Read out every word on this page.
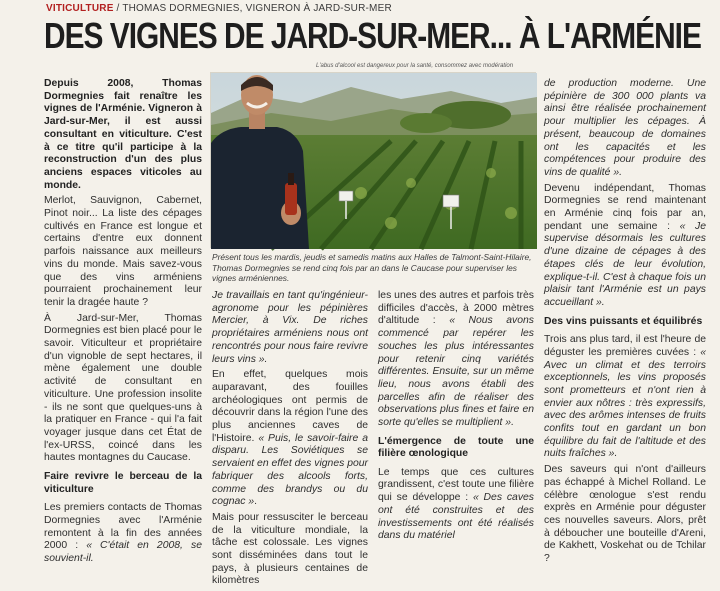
VITICULTURE / THOMAS DORMEGNIES, VIGNERON À JARD-SUR-MER
DES VIGNES DE JARD-SUR-MER... À L'ARMÉNIE
L'abus d'alcool est dangereux pour la santé, consommez avec modération

Depuis 2008, Thomas Dormegnies fait renaître les vignes de l'Arménie. Vigneron à Jard-sur-Mer, il est aussi consultant en viticulture. C'est à ce titre qu'il participe à la reconstruction d'un des plus anciens espaces viticoles au monde.

Merlot, Sauvignon, Cabernet, Pinot noir... La liste des cépages cultivés en France est longue et certains d'entre eux donnent parfois naissance aux meilleurs vins du monde. Mais savez-vous que des vins arméniens pourraient prochainement leur tenir la dragée haute ?

À Jard-sur-Mer, Thomas Dormegnies est bien placé pour le savoir. Viticulteur et propriétaire d'un vignoble de sept hectares, il mène également une double activité de consultant en viticulture. Une profession insolite - ils ne sont que quelques-uns à la pratiquer en France - qui l'a fait voyager jusque dans cet État de l'ex-URSS, coincé dans les hautes montagnes du Caucase.

Faire revivre le berceau de la viticulture

Les premiers contacts de Thomas Dormegnies avec l'Arménie remontent à la fin des années 2000 : « C'était en 2008, se souvient-il.

Présent tous les mardis, jeudis et samedis matins aux Halles de Talmont-Saint-Hilaire, Thomas Dormegnies se rend cinq fois par an dans le Caucase pour superviser les vignes arméniennes.

Je travaillais en tant qu'ingénieur-agronome pour les pépinières Mercier, à Vix. De riches propriétaires arméniens nous ont rencontrés pour nous faire revivre leurs vins ».

En effet, quelques mois auparavant, des fouilles archéologiques ont permis de découvrir dans la région l'une des plus anciennes caves de l'Histoire. « Puis, le savoir-faire a disparu. Les Soviétiques se servaient en effet des vignes pour fabriquer des alcools forts, comme des brandys ou du cognac ».

Mais pour ressusciter le berceau de la viticulture mondiale, la tâche est colossale. Les vignes sont disséminées dans tout le pays, à plusieurs centaines de kilomètres

les unes des autres et parfois très difficiles d'accès, à 2000 mètres d'altitude : « Nous avons commencé par repérer les souches les plus intéressantes pour retenir cinq variétés différentes. Ensuite, sur un même lieu, nous avons établi des parcelles afin de réaliser des observations plus fines et faire en sorte qu'elles se multiplient ».

L'émergence de toute une filière œnologique

Le temps que ces cultures grandissent, c'est toute une filière qui se développe : « Des caves ont été construites et des investissements ont été réalisés dans du matériel

de production moderne. Une pépinière de 300 000 plants va ainsi être réalisée prochainement pour multiplier les cépages. À présent, beaucoup de domaines ont les capacités et les compétences pour produire des vins de qualité ».

Devenu indépendant, Thomas Dormegnies se rend maintenant en Arménie cinq fois par an, pendant une semaine : « Je supervise désormais les cultures d'une dizaine de cépages à des étapes clés de leur évolution, explique-t-il. C'est à chaque fois un plaisir tant l'Arménie est un pays accueillant ».

Des vins puissants et équilibrés

Trois ans plus tard, il est l'heure de déguster les premières cuvées : « Avec un climat et des terroirs exceptionnels, les vins proposés sont prometteurs et n'ont rien à envier aux nôtres : très expressifs, avec des arômes intenses de fruits confits tout en gardant un bon équilibre du fait de l'altitude et des nuits fraîches ».

Des saveurs qui n'ont d'ailleurs pas échappé à Michel Rolland. Le célèbre œnologue s'est rendu exprès en Arménie pour déguster ces nouvelles saveurs. Alors, prêt à déboucher une bouteille d'Areni, de Kakhett, Voskehat ou de Tchilar ?
